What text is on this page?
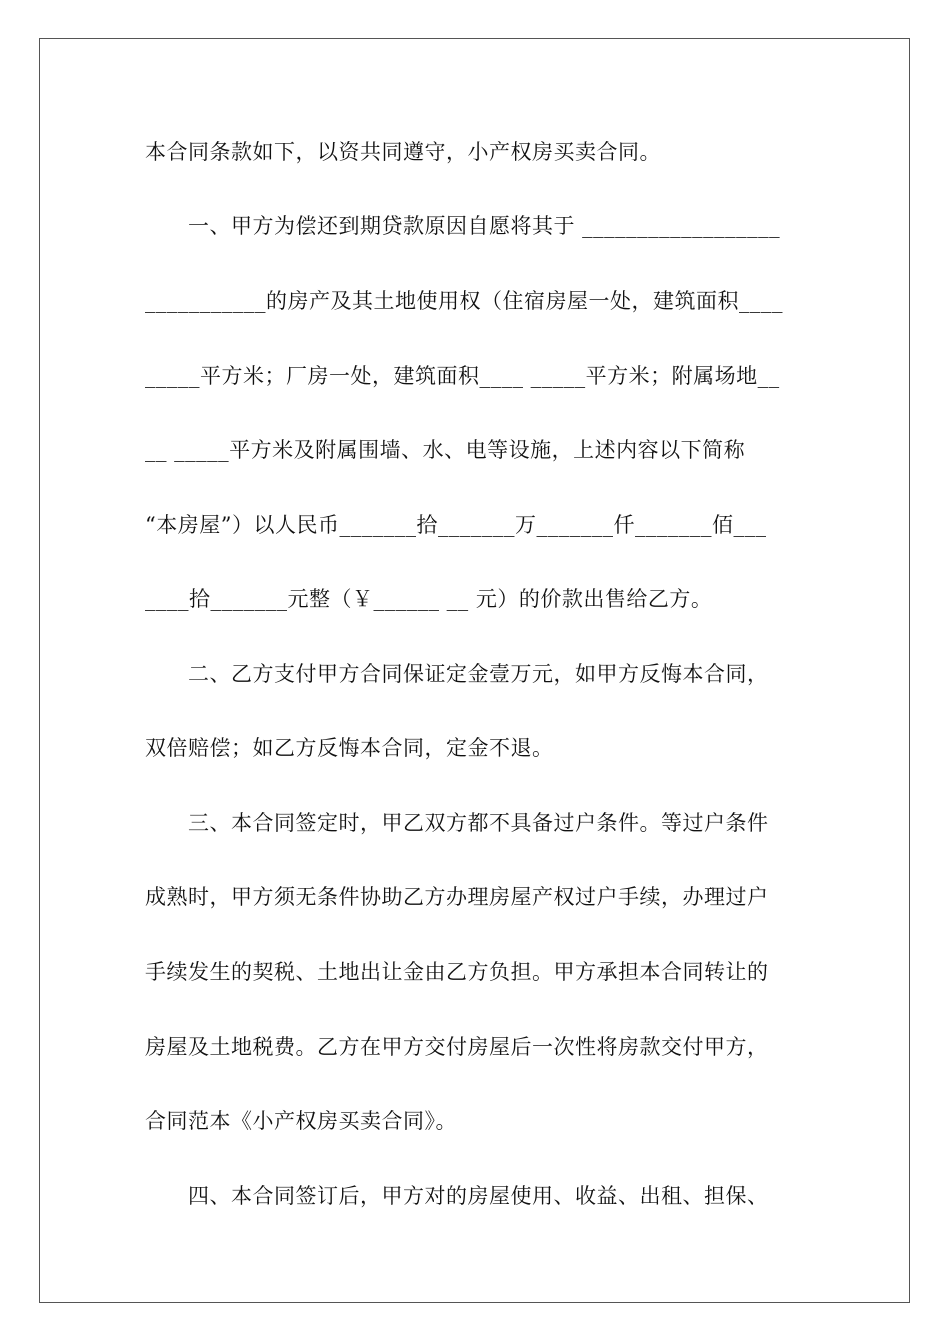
本合同条款如下，以资共同遵守，小产权房买卖合同。
　　一、甲方为偿还到期贷款原因自愿将其于 __________________
___________的房产及其土地使用权（住宿房屋一处，建筑面积____
_____平方米；厂房一处，建筑面积____ _____平方米；附属场地__
__ _____平方米及附属围墙、水、电等设施，上述内容以下简称
“本房屋”）以人民币_______拾_______万_______仟_______佰___
____拾_______元整（￥______ __ 元）的价款出售给乙方。
　　二、乙方支付甲方合同保证定金壹万元，如甲方反悔本合同，
双倍赔偿；如乙方反悔本合同，定金不退。
　　三、本合同签定时，甲乙双方都不具备过户条件。等过户条件
成熟时，甲方须无条件协助乙方办理房屋产权过户手续，办理过户
手续发生的契税、土地出让金由乙方负担。甲方承担本合同转让的
房屋及土地税费。乙方在甲方交付房屋后一次性将房款交付甲方，
合同范本《小产权房买卖合同》。
　　四、本合同签订后，甲方对的房屋使用、收益、出租、担保、
